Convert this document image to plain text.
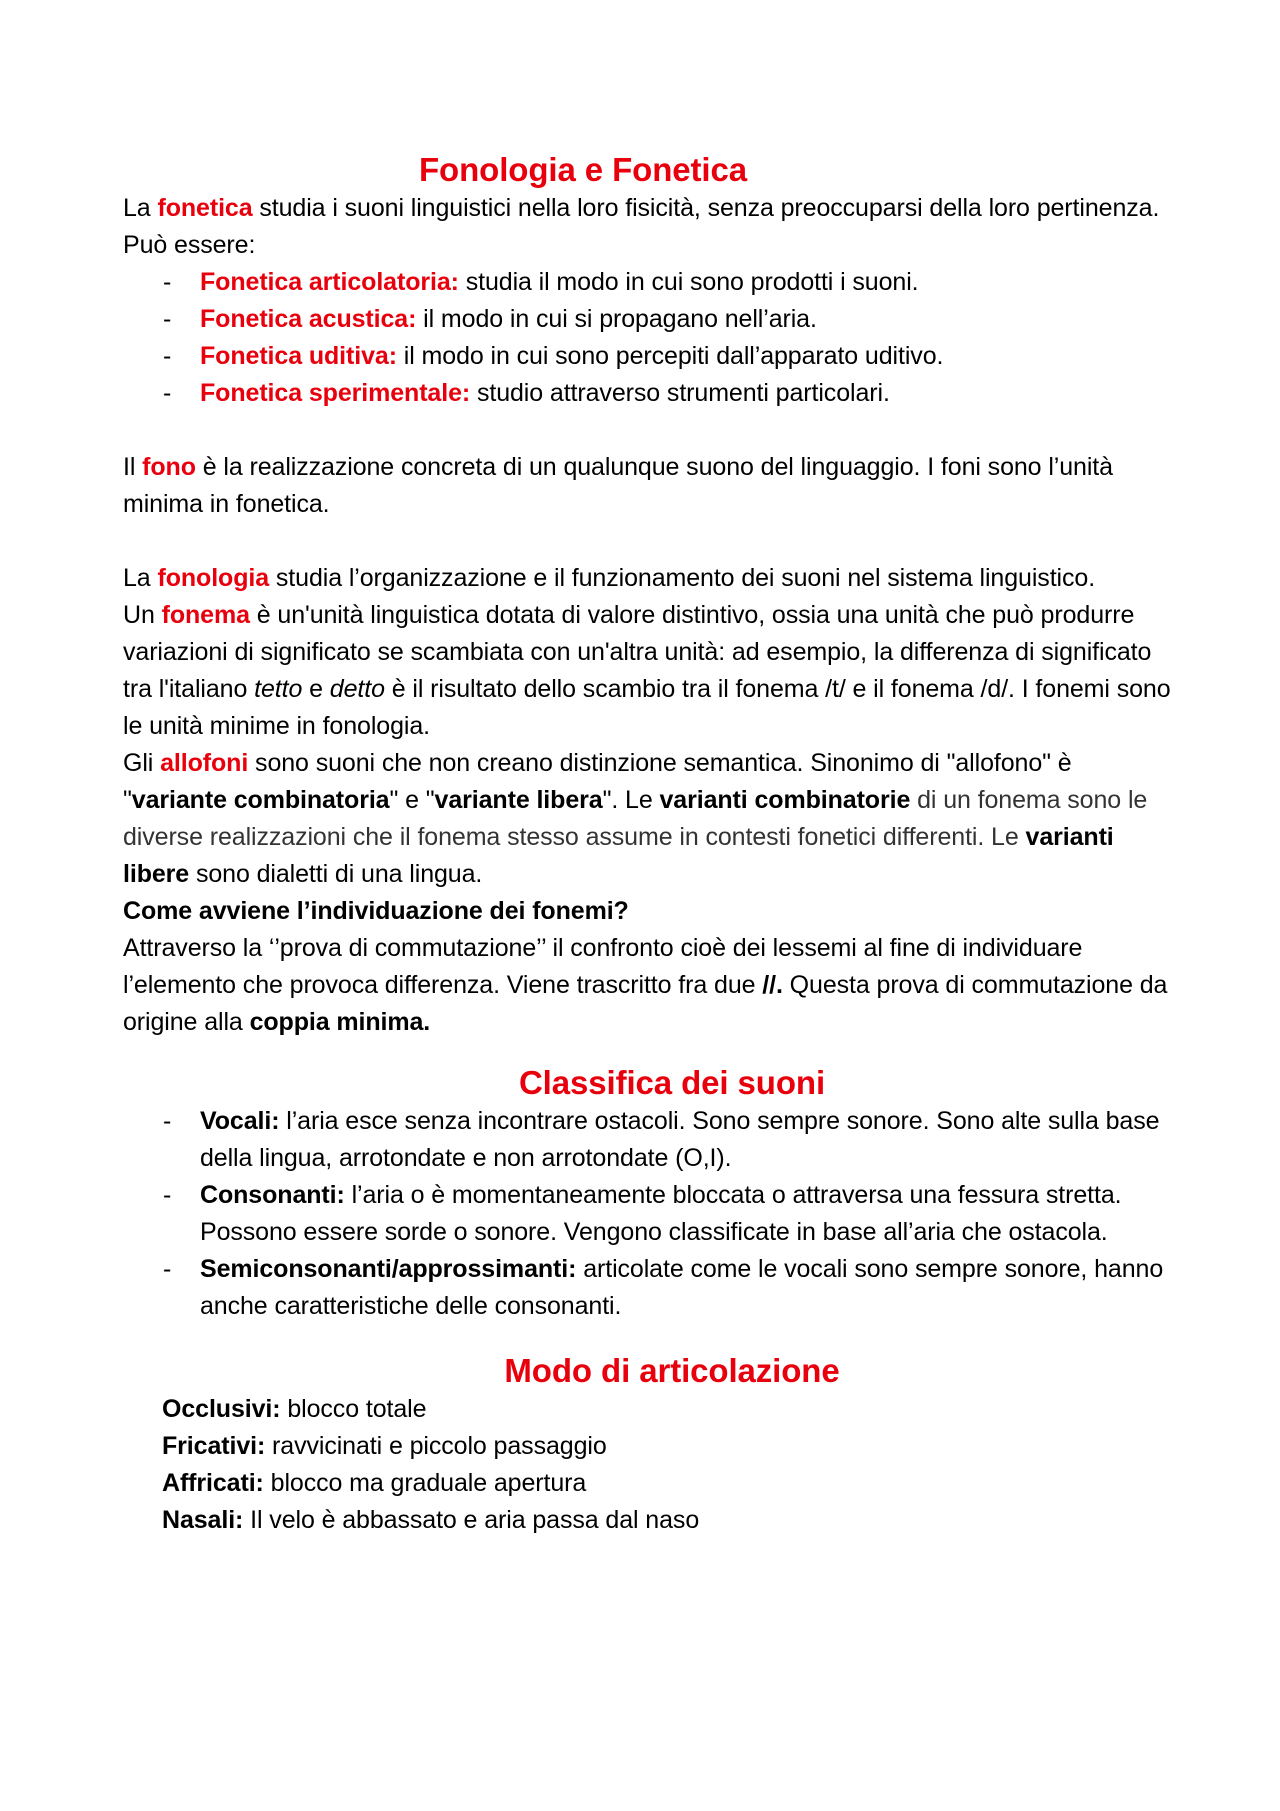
Fonologia e Fonetica

La fonetica studia i suoni linguistici nella loro fisicità, senza preoccuparsi della loro pertinenza. Può essere:

- Fonetica articolatoria: studia il modo in cui sono prodotti i suoni.
- Fonetica acustica: il modo in cui si propagano nell’aria.
- Fonetica uditiva: il modo in cui sono percepiti dall’apparato uditivo.
- Fonetica sperimentale: studio attraverso strumenti particolari.

Il fono è la realizzazione concreta di un qualunque suono del linguaggio. I foni sono l’unità minima in fonetica.

La fonologia studia l’organizzazione e il funzionamento dei suoni nel sistema linguistico.

Un fonema è un'unità linguistica dotata di valore distintivo, ossia una unità che può produrre variazioni di significato se scambiata con un'altra unità: ad esempio, la differenza di significato tra l'italiano tetto e detto è il risultato dello scambio tra il fonema /t/ e il fonema /d/. I fonemi sono le unità minime in fonologia.

Gli allofoni sono suoni che non creano distinzione semantica. Sinonimo di "allofono" è "variante combinatoria" e "variante libera". Le varianti combinatorie di un fonema sono le diverse realizzazioni che il fonema stesso assume in contesti fonetici differenti. Le varianti libere sono dialetti di una lingua.

Come avviene l’individuazione dei fonemi?

Attraverso la ‘’prova di commutazione’’ il confronto cioè dei lessemi al fine di individuare l’elemento che provoca differenza. Viene trascritto fra due //. Questa prova di commutazione da origine alla coppia minima.

Classifica dei suoni
- Vocali: l’aria esce senza incontrare ostacoli. Sono sempre sonore. Sono alte sulla base della lingua, arrotondate e non arrotondate (O,I).
- Consonanti: l’aria o è momentaneamente bloccata o attraversa una fessura stretta. Possono essere sorde o sonore. Vengono classificate in base all’aria che ostacola.
- Semiconsonanti/approssimanti: articolate come le vocali sono sempre sonore, hanno anche caratteristiche delle consonanti.
Modo di articolazione

Occlusivi: blocco totale

Fricativi: ravvicinati e piccolo passaggio

Affricati: blocco ma graduale apertura

Nasali: Il velo è abbassato e aria passa dal naso
